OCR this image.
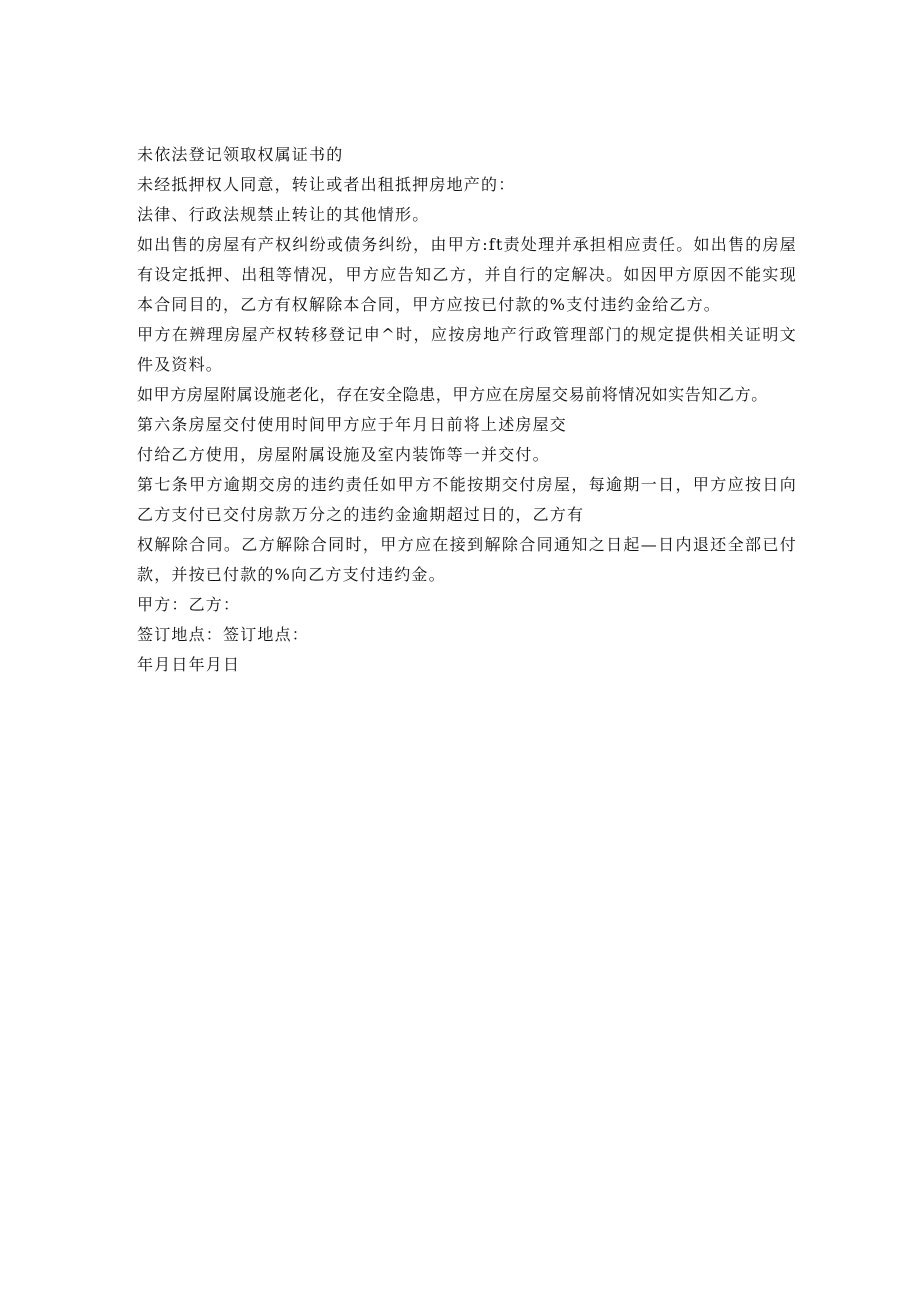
未依法登记领取权属证书的

未经抵押权人同意，转让或者出租抵押房地产的：

法律、行政法规禁止转让的其他情形。

如出售的房屋有产权纠纷或债务纠纷，由甲方:ft责处理并承担相应责任。如出售的房屋有设定抵押、出租等情况，甲方应告知乙方，并自行的定解决。如因甲方原因不能实现本合同目的，乙方有权解除本合同，甲方应按已付款的%支付违约金给乙方。

甲方在辨理房屋产权转移登记申^时，应按房地产行政管理部门的规定提供相关证明文件及资料。

如甲方房屋附属设施老化，存在安全隐患，甲方应在房屋交易前将情况如实告知乙方。

第六条房屋交付使用时间甲方应于年月日前将上述房屋交

付给乙方使用，房屋附属设施及室内装饰等一并交付。

第七条甲方逾期交房的违约责任如甲方不能按期交付房屋，每逾期一日，甲方应按日向乙方支付已交付房款万分之的违约金逾期超过日的，乙方有

权解除合同。乙方解除合同时，甲方应在接到解除合同通知之日起—日内退还全部已付款，并按已付款的%向乙方支付违约金。

甲方：乙方：

签订地点：签订地点：

年月日年月日
